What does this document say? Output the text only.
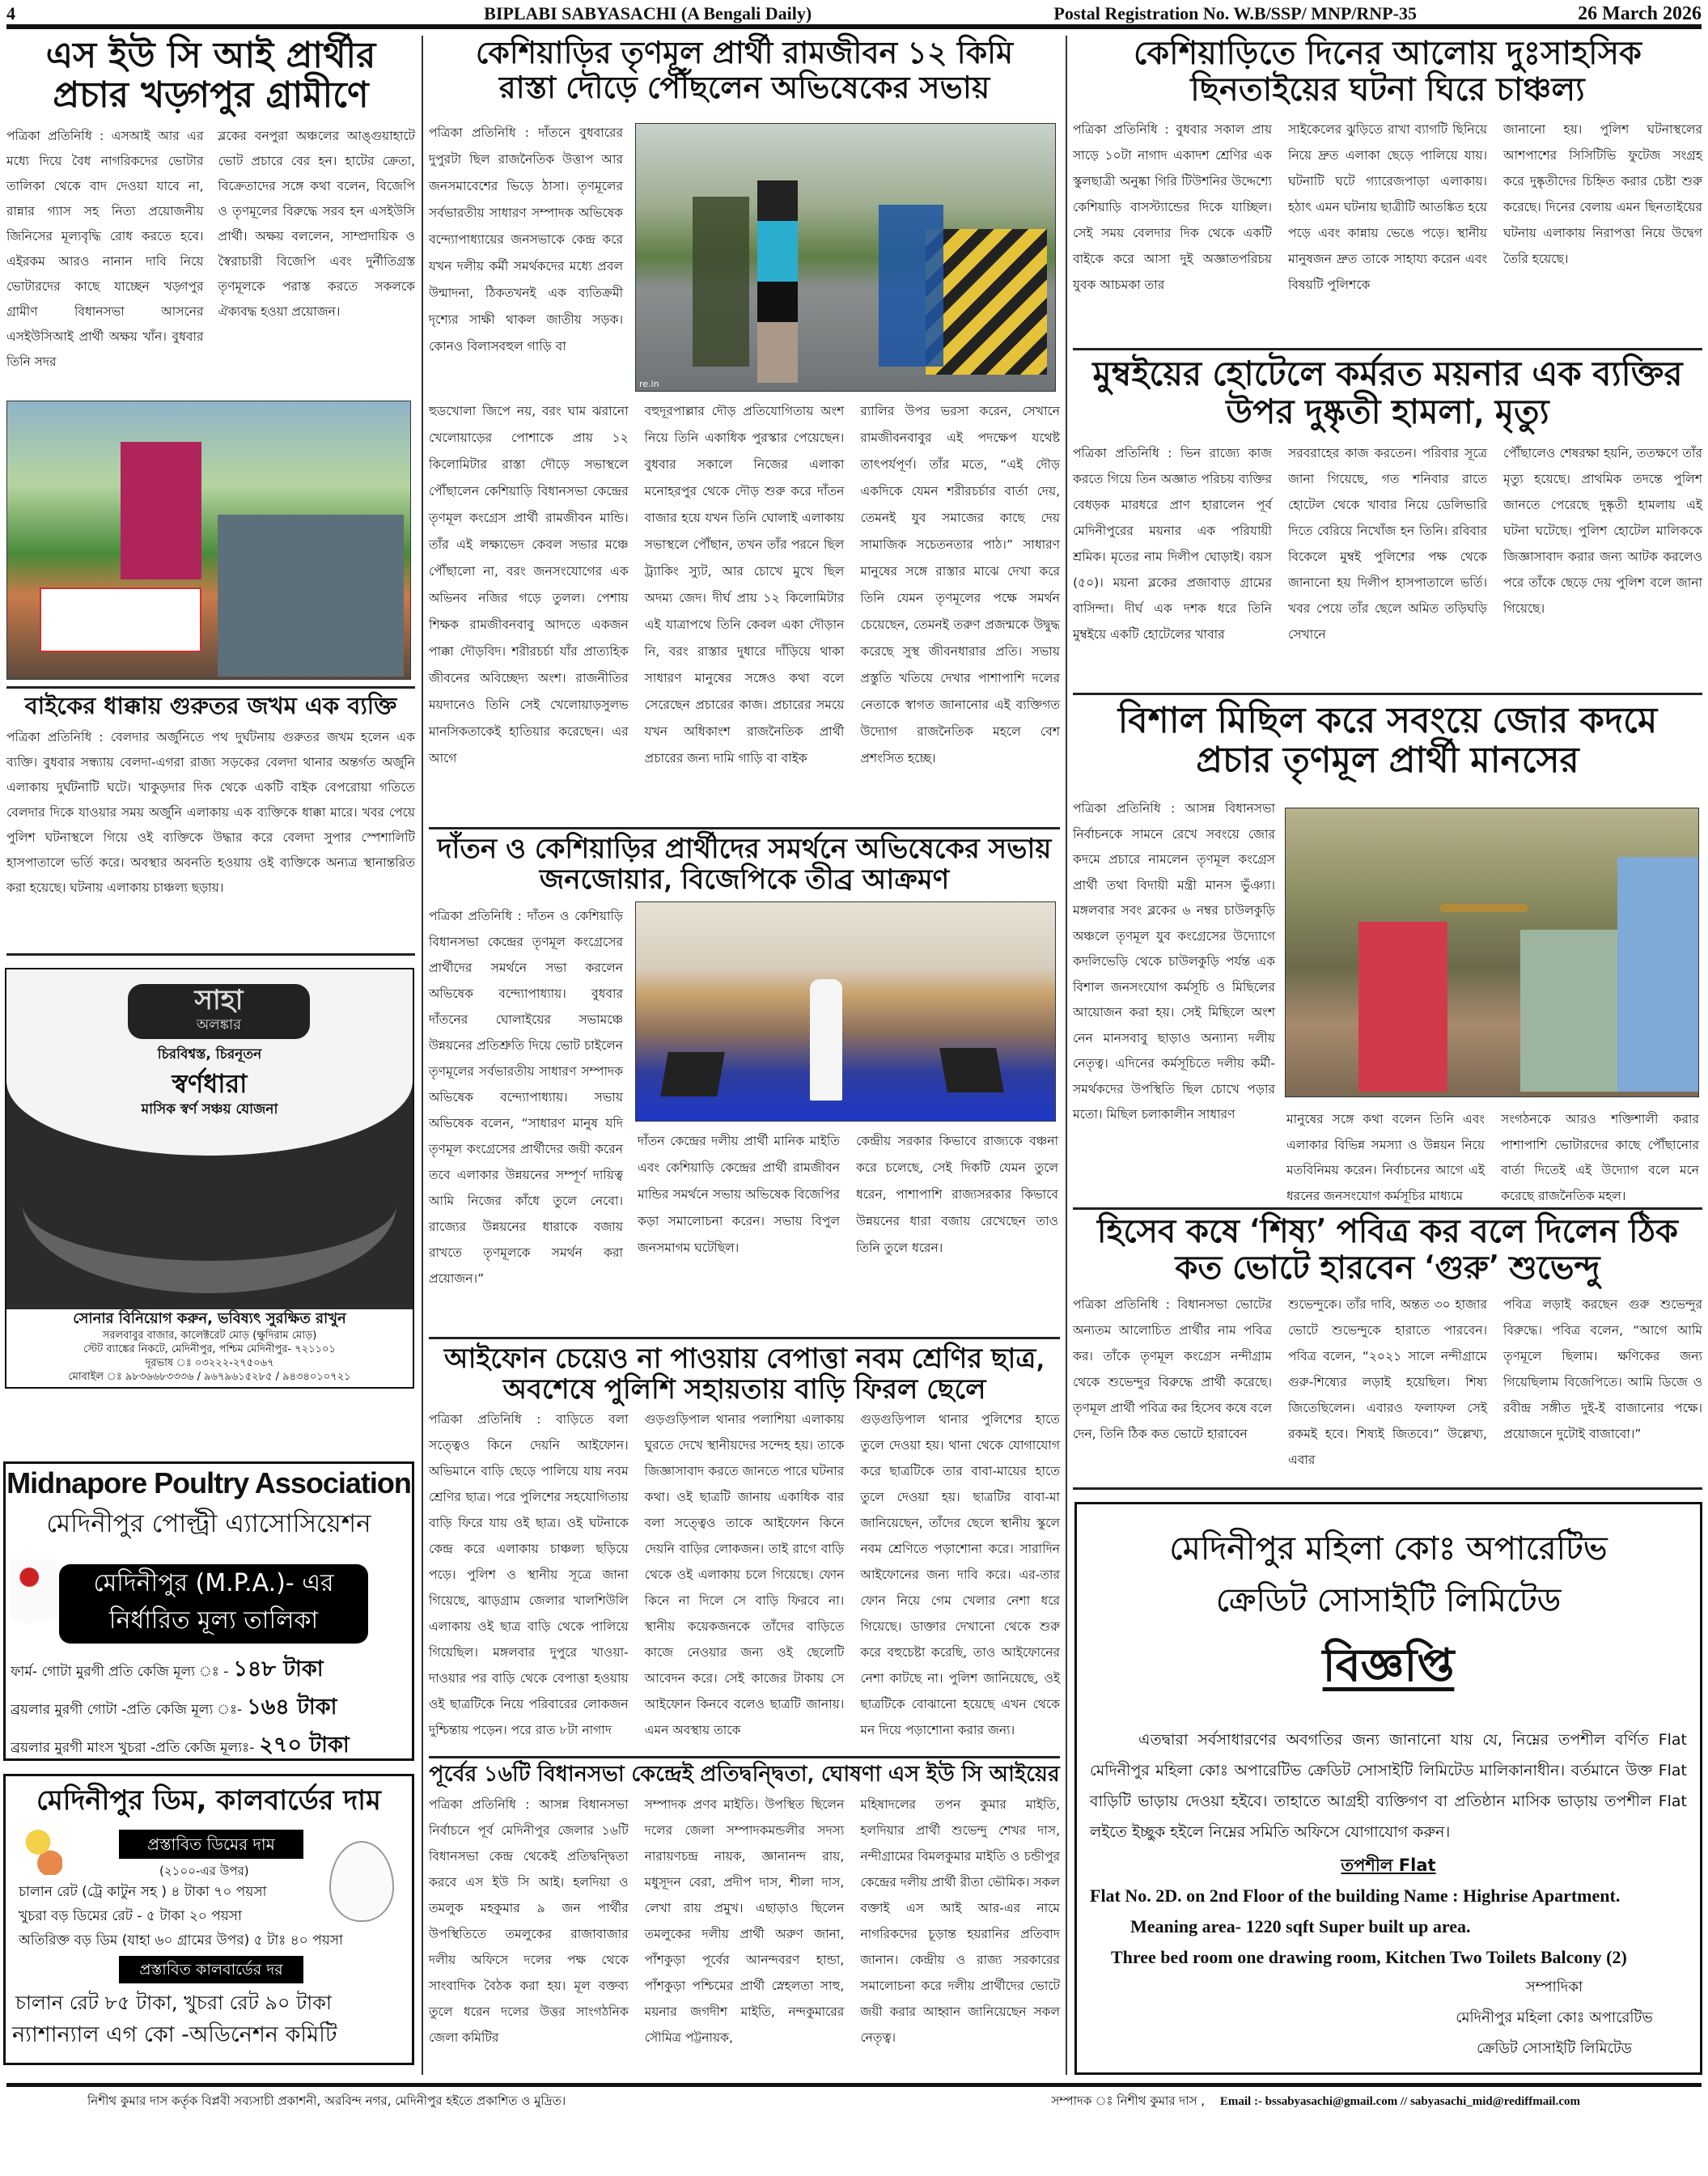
4	BIPLABI SABYASACHI (A Bengali Daily)	Postal Registration No. W.B/SSP/ MNP/RNP-35	26 March 2026
এস ইউ সি আই প্রার্থীর প্রচার খড়্গপুর গ্রামীণে
পত্রিকা প্রতিনিধি : এসআই আর এর মধ্যে দিয়ে বৈধ নাগরিকদের ভোটার তালিকা থেকে বাদ দেওয়া যাবে না, রান্নার গ্যাস সহ নিত্য প্রয়োজনীয় জিনিসের মূল্যবৃদ্ধি রোধ করতে হবে। এইরকম আরও নানান দাবি নিয়ে ভোটারদের কাছে যাচ্ছেন খড়্গপুর গ্রামীণ বিধানসভা আসনের এসইউসিআই প্রার্থী অক্ষয় খাঁন। বুধবার তিনি সদর
ব্লকের বনপুরা অঞ্চলের আঙ্গুয়াহাটে ভোট প্রচারে বের হন। হাটের ক্রেতা, বিক্রেতাদের সঙ্গে কথা বলেন, বিজেপি ও তৃণমূলের বিরুদ্ধে সরব হন এসইউসি প্রার্থী। অক্ষয় বললেন, সাম্প্রদায়িক ও স্বৈরাচারী বিজেপি এবং দুর্নীতিগ্রস্ত তৃণমূলকে পরাস্ত করতে সকলকে ঐক্যবদ্ধ হওয়া প্রয়োজন।
বাইকের ধাক্কায় গুরুতর জখম এক ব্যক্তি
পত্রিকা প্রতিনিধি : বেলদার অর্জুনিতে পথ দুর্ঘটনায় গুরুতর জখম হলেন এক ব্যক্তি। বুধবার সন্ধ্যায় বেলদা-এগরা রাজ্য সড়কের বেলদা থানার অন্তর্গত অর্জুনি এলাকায় দুর্ঘটনাটি ঘটে। খাকুড়দার দিক থেকে একটি বাইক বেপরোয়া গতিতে বেলদার দিকে যাওয়ার সময় অর্জুনি এলাকায় এক ব্যক্তিকে ধাক্কা মারে। খবর পেয়ে পুলিশ ঘটনাস্থলে গিয়ে ওই ব্যক্তিকে উদ্ধার করে বেলদা সুপার স্পেশালিটি হাসপাতালে ভর্তি করে। অবস্থার অবনতি হওয়ায় ওই ব্যক্তিকে অন্যত্র স্থানান্তরিত করা হয়েছে। ঘটনায় এলাকায় চাঞ্চল্য ছড়ায়।
সাহা
অলঙ্কার
চিরবিশ্বস্ত, চিরনূতন
স্বর্ণধারা
মাসিক স্বর্ণ সঞ্চয় যোজনা
সোনার বিনিয়োগ করুন, ভবিষ্যৎ সুরক্ষিত রাখুন
সরলবাবুর বাজার, কালেক্টরেট মোড় (ক্ষুদিরাম মোড়)
স্টেট ব্যাঙ্কের নিকটে, মেদিনীপুর, পশ্চিম মেদিনীপুর- ৭২১১০১
দূরভাষ ঃ ০৩২২২-২৭৫০৬৭
মোবাইল ঃ ৯৮৩৬৬৮৩৩৩৬ / ৯৬৭৯৬১৫২৮৫ / ৯৪৩৪০১০৭২১
Midnapore Poultry Association
মেদিনীপুর পোল্ট্রী এ্যাসোসিয়েশন
মেদিনীপুর (M.P.A.)- এর
নির্ধারিত মূল্য তালিকা
ফার্ম- গোটা মুরগী প্রতি কেজি মূল্য ঃ - ১৪৮ টাকা
ব্রয়লার মুরগী গোটা -প্রতি কেজি মূল্য ঃ- ১৬৪ টাকা
ব্রয়লার মুরগী মাংস খুচরা -প্রতি কেজি মূল্যঃ- ২৭০ টাকা
মেদিনীপুর ডিম, কালবার্ডের দাম
প্রস্তাবিত ডিমের দাম
(২১০০-এর উপর)
চালান রেট (ট্রে কাটুন সহ ) ৪ টাকা ৭০ পয়সা
খুচরা বড় ডিমের রেট - ৫ টাকা ২০ পয়সা
অতিরিক্ত বড় ডিম (যাহা ৬০ গ্রামের উপর) ৫ টাঃ ৪০ পয়সা
প্রস্তাবিত কালবার্ডের দর
চালান রেট ৮৫ টাকা, খুচরা রেট ৯০ টাকা
ন্যাশান্যাল এগ কো -অডিনেশন কমিটি
কেশিয়াড়ির তৃণমূল প্রার্থী রামজীবন ১২ কিমি রাস্তা দৌড়ে পৌঁছলেন অভিষেকের সভায়
পত্রিকা প্রতিনিধি : দাঁতনে বুধবারের দুপুরটা ছিল রাজনৈতিক উত্তাপ আর জনসমাবেশের ভিড়ে ঠাসা। তৃণমূলের সর্বভারতীয় সাধারণ সম্পাদক অভিষেক বন্দ্যোপাধ্যায়ের জনসভাকে কেন্দ্র করে যখন দলীয় কর্মী সমর্থকদের মধ্যে প্রবল উন্মাদনা, ঠিকতখনই এক ব্যতিক্রমী দৃশ্যের সাক্ষী থাকল জাতীয় সড়ক। কোনও বিলাসবহুল গাড়ি বা
re.in
হুডখোলা জিপে নয়, বরং ঘাম ঝরানো খেলোয়াড়ের পোশাকে প্রায় ১২ কিলোমিটার রাস্তা দৌড়ে সভাস্থলে পৌঁছালেন কেশিয়াড়ি বিধানসভা কেন্দ্রের তৃণমূল কংগ্রেস প্রার্থী রামজীবন মান্ডি। তাঁর এই লক্ষ্যভেদ কেবল সভার মঞ্চে পৌঁছালো না, বরং জনসংযোগের এক অভিনব নজির গড়ে তুলল। পেশায় শিক্ষক রামজীবনবাবু আদতে একজন পাক্কা দৌড়বিদ। শরীরচর্চা যাঁর প্রাত্যহিক জীবনের অবিচ্ছেদ্য অংশ। রাজনীতির ময়দানেও তিনি সেই খেলোয়াড়সুলভ মানসিকতাকেই হাতিয়ার করেছেন। এর আগে
বহুদূরপাল্লার দৌড় প্রতিযোগিতায় অংশ নিয়ে তিনি একাধিক পুরস্কার পেয়েছেন। বুধবার সকালে নিজের এলাকা মনোহরপুর থেকে দৌড় শুরু করে দাঁতন বাজার হয়ে যখন তিনি ঘোলাই এলাকায় সভাস্থলে পৌঁছান, তখন তাঁর পরনে ছিল ট্র্যাকিং স্যুট, আর চোখে মুখে ছিল অদম্য জেদ। দীর্ঘ প্রায় ১২ কিলোমিটার এই যাত্রাপথে তিনি কেবল একা দৌড়ান নি, বরং রাস্তার দুধারে দাঁড়িয়ে থাকা সাধারণ মানুষের সঙ্গেও কথা বলে সেরেছেন প্রচারের কাজ। প্রচারের সময়ে যখন অধিকাংশ রাজনৈতিক প্রার্থী প্রচারের জন্য দামি গাড়ি বা বাইক
র‍্যালির উপর ভরসা করেন, সেখানে রামজীবনবাবুর এই পদক্ষেপ যথেষ্ট তাৎপর্যপূর্ণ। তাঁর মতে, “এই দৌড় একদিকে যেমন শরীরচর্চার বার্তা দেয়, তেমনই যুব সমাজের কাছে দেয় সামাজিক সচেতনতার পাঠ।” সাধারণ মানুষের সঙ্গে রাস্তার মাঝে দেখা করে তিনি যেমন তৃণমূলের পক্ষে সমর্থন চেয়েছেন, তেমনই তরুণ প্রজন্মকে উদ্বুদ্ধ করেছে সুস্থ জীবনধারার প্রতি। সভায় প্রস্তুতি খতিয়ে দেখার পাশাপাশি দলের নেতাকে স্বাগত জানানোর এই ব্যক্তিগত উদ্যোগ রাজনৈতিক মহলে বেশ প্রশংসিত হচ্ছে।
দাঁতন ও কেশিয়াড়ির প্রার্থীদের সমর্থনে অভিষেকের সভায় জনজোয়ার, বিজেপিকে তীব্র আক্রমণ
পত্রিকা প্রতিনিধি : দাঁতন ও কেশিয়াড়ি বিধানসভা কেন্দ্রের তৃণমূল কংগ্রেসের প্রার্থীদের সমর্থনে সভা করলেন অভিষেক বন্দ্যোপাধ্যায়। বুধবার দাঁতনের ঘোলাইয়ের সভামঞ্চে উন্নয়নের প্রতিশ্রুতি দিয়ে ভোট চাইলেন তৃণমূলের সর্বভারতীয় সাধারণ সম্পাদক অভিষেক বন্দ্যোপাধ্যায়। সভায় অভিষেক বলেন, “সাধারণ মানুষ যদি তৃণমূল কংগ্রেসের প্রার্থীদের জয়ী করেন তবে এলাকার উন্নয়নের সম্পূর্ণ দায়িত্ব আমি নিজের কাঁধে তুলে নেবো। রাজ্যের উন্নয়নের ধারাকে বজায় রাখতে তৃণমূলকে সমর্থন করা প্রয়োজন।”
দাঁতন কেন্দ্রের দলীয় প্রার্থী মানিক মাইতি এবং কেশিয়াড়ি কেন্দ্রের প্রার্থী রামজীবন মান্ডির সমর্থনে সভায় অভিষেক বিজেপির কড়া সমালোচনা করেন। সভায় বিপুল জনসমাগম ঘটেছিল।
কেন্দ্রীয় সরকার কিভাবে রাজ্যকে বঞ্চনা করে চলেছে, সেই দিকটি যেমন তুলে ধরেন, পাশাপাশি রাজ্যসরকার কিভাবে উন্নয়নের ধারা বজায় রেখেছেন তাও তিনি তুলে ধরেন।
আইফোন চেয়েও না পাওয়ায় বেপাত্তা নবম শ্রেণির ছাত্র, অবশেষে পুলিশি সহায়তায় বাড়ি ফিরল ছেলে
পত্রিকা প্রতিনিধি : বাড়িতে বলা সত্ত্বেও কিনে দেয়নি আইফোন। অভিমানে বাড়ি ছেড়ে পালিয়ে যায় নবম শ্রেণির ছাত্র। পরে পুলিশের সহযোগিতায় বাড়ি ফিরে যায় ওই ছাত্র। ওই ঘটনাকে কেন্দ্র করে এলাকায় চাঞ্চল্য ছড়িয়ে পড়ে। পুলিশ ও স্থানীয় সূত্রে জানা গিয়েছে, ঝাড়গ্রাম জেলার খালশিউলি এলাকায় ওই ছাত্র বাড়ি থেকে পালিয়ে গিয়েছিল। মঙ্গলবার দুপুরে খাওয়া-দাওয়ার পর বাড়ি থেকে বেপাত্তা হওয়ায় ওই ছাত্রটিকে নিয়ে পরিবারের লোকজন দুশ্চিন্তায় পড়েন। পরে রাত ৮টা নাগাদ
গুড়গুড়িপাল থানার পলাশিয়া এলাকায় ঘুরতে দেখে স্থানীয়দের সন্দেহ হয়। তাকে জিজ্ঞাসাবাদ করতে জানতে পারে ঘটনার কথা। ওই ছাত্রটি জানায় একাধিক বার বলা সত্ত্বেও তাকে আইফোন কিনে দেয়নি বাড়ির লোকজন। তাই রাগে বাড়ি থেকে ওই এলাকায় চলে গিয়েছে। ফোন কিনে না দিলে সে বাড়ি ফিরবে না। স্থানীয় কয়েকজনকে তাঁদের বাড়িতে কাজে নেওয়ার জন্য ওই ছেলেটি আবেদন করে। সেই কাজের টাকায় সে আইফোন কিনবে বলেও ছাত্রটি জানায়। এমন অবস্থায় তাকে
গুড়গুড়িপাল থানার পুলিশের হাতে তুলে দেওয়া হয়। থানা থেকে যোগাযোগ করে ছাত্রটিকে তার বাবা-মায়ের হাতে তুলে দেওয়া হয়। ছাত্রটির বাবা-মা জানিয়েছেন, তাঁদের ছেলে স্থানীয় স্কুলে নবম শ্রেণিতে পড়াশোনা করে। সারাদিন আইফোনের জন্য দাবি করে। এর-তার ফোন নিয়ে গেম খেলার নেশা ধরে গিয়েছে। ডাক্তার দেখানো থেকে শুরু করে বহুচেষ্টা করেছি, তাও আইফোনের নেশা কাটছে না। পুলিশ জানিয়েছে, ওই ছাত্রটিকে বোঝানো হয়েছে এখন থেকে মন দিয়ে পড়াশোনা করার জন্য।
পূর্বের ১৬টি বিধানসভা কেন্দ্রেই প্রতিদ্বন্দ্বিতা, ঘোষণা এস ইউ সি আইয়ের
পত্রিকা প্রতিনিধি : আসন্ন বিধানসভা নির্বাচনে পূর্ব মেদিনীপুর জেলার ১৬টি বিধানসভা কেন্দ্র থেকেই প্রতিদ্বন্দ্বিতা করবে এস ইউ সি আই। হলদিয়া ও তমলুক মহকুমার ৯ জন পার্থীর উপস্থিতিতে তমলুকের রাজাবাজার দলীয় অফিসে দলের পক্ষ থেকে সাংবাদিক বৈঠক করা হয়। মূল বক্তব্য তুলে ধরেন দলের উত্তর সাংগঠনিক জেলা কমিটির
সম্পাদক প্রণব মাইতি। উপস্থিত ছিলেন দলের জেলা সম্পাদকমন্ডলীর সদস্য নারায়ণচন্দ্র নায়ক, জ্ঞানানন্দ রায়, মধুসূদন বেরা, প্রদীপ দাস, শীলা দাস, লেখা রায় প্রমুখ। এছাড়াও ছিলেন তমলুকের দলীয় প্রার্থী অরুণ জানা, পাঁশকুড়া পূর্বের আনন্দবরণ হান্ডা, পাঁশকুড়া পশ্চিমের প্রার্থী স্নেহলতা সাহু, ময়নার জগদীশ মাইতি, নন্দকুমারের সৌমিত্র পট্টনায়ক,
মহিষাদলের তপন কুমার মাইতি, হলদিয়ার প্রার্থী শুভেন্দু শেখর দাস, নন্দীগ্রামের বিমলকুমার মাইতি ও চন্ডীপুর কেন্দ্রের দলীয় প্রার্থী রীতা ভৌমিক। সকল বক্তাই এস আই আর-এর নামে নাগরিকদের চূড়ান্ত হয়রানির প্রতিবাদ জানান। কেন্দ্রীয় ও রাজ্য সরকারের সমালোচনা করে দলীয় প্রার্থীদের ভোটে জয়ী করার আহ্বান জানিয়েছেন সকল নেতৃত্ব।
কেশিয়াড়িতে দিনের আলোয় দুঃসাহসিক ছিনতাইয়ের ঘটনা ঘিরে চাঞ্চল্য
পত্রিকা প্রতিনিধি : বুধবার সকাল প্রায় সাড়ে ১০টা নাগাদ একাদশ শ্রেণির এক স্কুলছাত্রী অনুষ্কা গিরি টিউশনির উদ্দেশ্যে কেশিয়াড়ি বাসস্ট্যান্ডের দিকে যাচ্ছিল। সেই সময় বেলদার দিক থেকে একটি বাইকে করে আসা দুই অজ্ঞাতপরিচয় যুবক আচমকা তার
সাইকেলের ঝুড়িতে রাখা ব্যাগটি ছিনিয়ে নিয়ে দ্রুত এলাকা ছেড়ে পালিয়ে যায়। ঘটনাটি ঘটে গ্যারেজপাড়া এলাকায়। হঠাৎ এমন ঘটনায় ছাত্রীটি আতঙ্কিত হয়ে পড়ে এবং কান্নায় ভেঙে পড়ে। স্থানীয় মানুষজন দ্রুত তাকে সাহায্য করেন এবং বিষয়টি পুলিশকে
জানানো হয়। পুলিশ ঘটনাস্থলের আশপাশের সিসিটিভি ফুটেজ সংগ্রহ করে দুষ্কৃতীদের চিহ্নিত করার চেষ্টা শুরু করেছে। দিনের বেলায় এমন ছিনতাইয়ের ঘটনায় এলাকায় নিরাপত্তা নিয়ে উদ্বেগ তৈরি হয়েছে।
মুম্বইয়ের হোটেলে কর্মরত ময়নার এক ব্যক্তির উপর দুষ্কৃতী হামলা, মৃত্যু
পত্রিকা প্রতিনিধি : ভিন রাজ্যে কাজ করতে গিয়ে তিন অজ্ঞাত পরিচয় ব্যক্তির বেধড়ক মারধরে প্রাণ হারালেন পূর্ব মেদিনীপুরের ময়নার এক পরিযায়ী শ্রমিক। মৃতের নাম দিলীপ ঘোড়াই। বয়স (৫০)। ময়না ব্লকের প্রজাবাড় গ্রামের বাসিন্দা। দীর্ঘ এক দশক ধরে তিনি মুম্বইয়ে একটি হোটেলের খাবার
সরবরাহের কাজ করতেন। পরিবার সূত্রে জানা গিয়েছে, গত শনিবার রাতে হোটেল থেকে খাবার নিয়ে ডেলিভারি দিতে বেরিয়ে নিখোঁজ হন তিনি। রবিবার বিকেলে মুম্বই পুলিশের পক্ষ থেকে জানানো হয় দিলীপ হাসপাতালে ভর্তি। খবর পেয়ে তাঁর ছেলে অমিত তড়িঘড়ি সেখানে
পৌঁছালেও শেষরক্ষা হয়নি, ততক্ষণে তাঁর মৃত্যু হয়েছে। প্রাথমিক তদন্তে পুলিশ জানতে পেরেছে দুষ্কৃতী হামলায় এই ঘটনা ঘটেছে। পুলিশ হোটেল মালিককে জিজ্ঞাসাবাদ করার জন্য আটক করলেও পরে তাঁকে ছেড়ে দেয় পুলিশ বলে জানা গিয়েছে।
বিশাল মিছিল করে সবংয়ে জোর কদমে প্রচার তৃণমূল প্রার্থী মানসের
পত্রিকা প্রতিনিধি : আসন্ন বিধানসভা নির্বাচনকে সামনে রেখে সবংয়ে জোর কদমে প্রচারে নামলেন তৃণমূল কংগ্রেস প্রার্থী তথা বিদায়ী মন্ত্রী মানস ভুঁঞ্যা। মঙ্গলবার সবং ব্লকের ৬ নম্বর চাউলকুড়ি অঞ্চলে তৃণমূল যুব কংগ্রেসের উদ্যোগে কদলিভেড়ি থেকে চাউলকুড়ি পর্যন্ত এক বিশাল জনসংযোগ কর্মসূচি ও মিছিলের আয়োজন করা হয়। সেই মিছিলে অংশ নেন মানসবাবু ছাড়াও অন্যান্য দলীয় নেতৃত্ব। এদিনের কর্মসূচিতে দলীয় কর্মী-সমর্থকদের উপস্থিতি ছিল চোখে পড়ার মতো। মিছিল চলাকালীন সাধারণ	মানুষের সঙ্গে কথা বলেন তিনি এবং এলাকার বিভিন্ন সমস্যা ও উন্নয়ন নিয়ে মতবিনিময় করেন। নির্বাচনের আগে এই ধরনের জনসংযোগ কর্মসূচির মাধ্যমে
সংগঠনকে আরও শক্তিশালী করার পাশাপাশি ভোটারদের কাছে পৌঁছানোর বার্তা দিতেই এই উদ্যোগ বলে মনে করেছে রাজনৈতিক মহল।
হিসেব কষে ‘শিষ্য’ পবিত্র কর বলে দিলেন ঠিক কত ভোটে হারবেন ‘গুরু’ শুভেন্দু
পত্রিকা প্রতিনিধি : বিধানসভা ভোটের অন্যতম আলোচিত প্রার্থীর নাম পবিত্র কর। তাঁকে তৃণমূল কংগ্রেস নন্দীগ্রাম থেকে শুভেন্দুর বিরুদ্ধে প্রার্থী করেছে। তৃণমূল প্রার্থী পবিত্র কর হিসেব কষে বলে দেন, তিনি ঠিক কত ভোটে হারাবেন
শুভেন্দুকে। তাঁর দাবি, অন্তত ৩০ হাজার ভোটে শুভেন্দুকে হারাতে পারবেন। পবিত্র বলেন, “২০২১ সালে নন্দীগ্রামে গুরু-শিষ্যের লড়াই হয়েছিল। শিষ্য জিতেছিলেন। এবারও ফলাফল সেই রকমই হবে। শিষ্যই জিতবে।” উল্লেখ্য, এবার
পবিত্র লড়াই করছেন গুরু শুভেন্দুর বিরুদ্ধে। পবিত্র বলেন, “আগে আমি তৃণমূলে ছিলাম। ক্ষণিকের জন্য গিয়েছিলাম বিজেপিতে। আমি ডিজে ও রবীন্দ্র সঙ্গীত দুই-ই বাজানোর পক্ষে। প্রয়োজনে দুটোই বাজাবো।”
মেদিনীপুর মহিলা কোঃ অপারেটিভ
ক্রেডিট সোসাইটি লিমিটেড
বিজ্ঞপ্তি
এতদ্বারা সর্বসাধারণের অবগতির জন্য জানানো যায় যে, নিম্নের তপশীল বর্ণিত Flat মেদিনীপুর মহিলা কোঃ অপারেটিভ ক্রেডিট সোসাইটি লিমিটেড মালিকানাধীন। বর্তমানে উক্ত Flat বাড়িটি ভাড়ায় দেওয়া হইবে। তাহাতে আগ্রহী ব্যক্তিগণ বা প্রতিষ্ঠান মাসিক ভাড়ায় তপশীল Flat লইতে ইচ্ছুক হইলে নিম্নের সমিতি অফিসে যোগাযোগ করুন।
তপশীল Flat
Flat No. 2D. on 2nd Floor of the building Name : Highrise Apartment.
Meaning area- 1220 sqft Super built up area.
Three bed room one drawing room, Kitchen Two Toilets Balcony (2)
সম্পাদিকা
মেদিনীপুর মহিলা কোঃ অপারেটিভ
ক্রেডিট সোসাইটি লিমিটেড
নিশীথ কুমার দাস কর্তৃক বিপ্লবী সব্যসাচী প্রকাশনী, অরবিন্দ নগর, মেদিনীপুর হইতে প্রকাশিত ও মুদ্রিত।	সম্পাদক ঃ নিশীথ কুমার দাস , Email :- bssabyasachi@gmail.com // sabyasachi_mid@rediffmail.com
